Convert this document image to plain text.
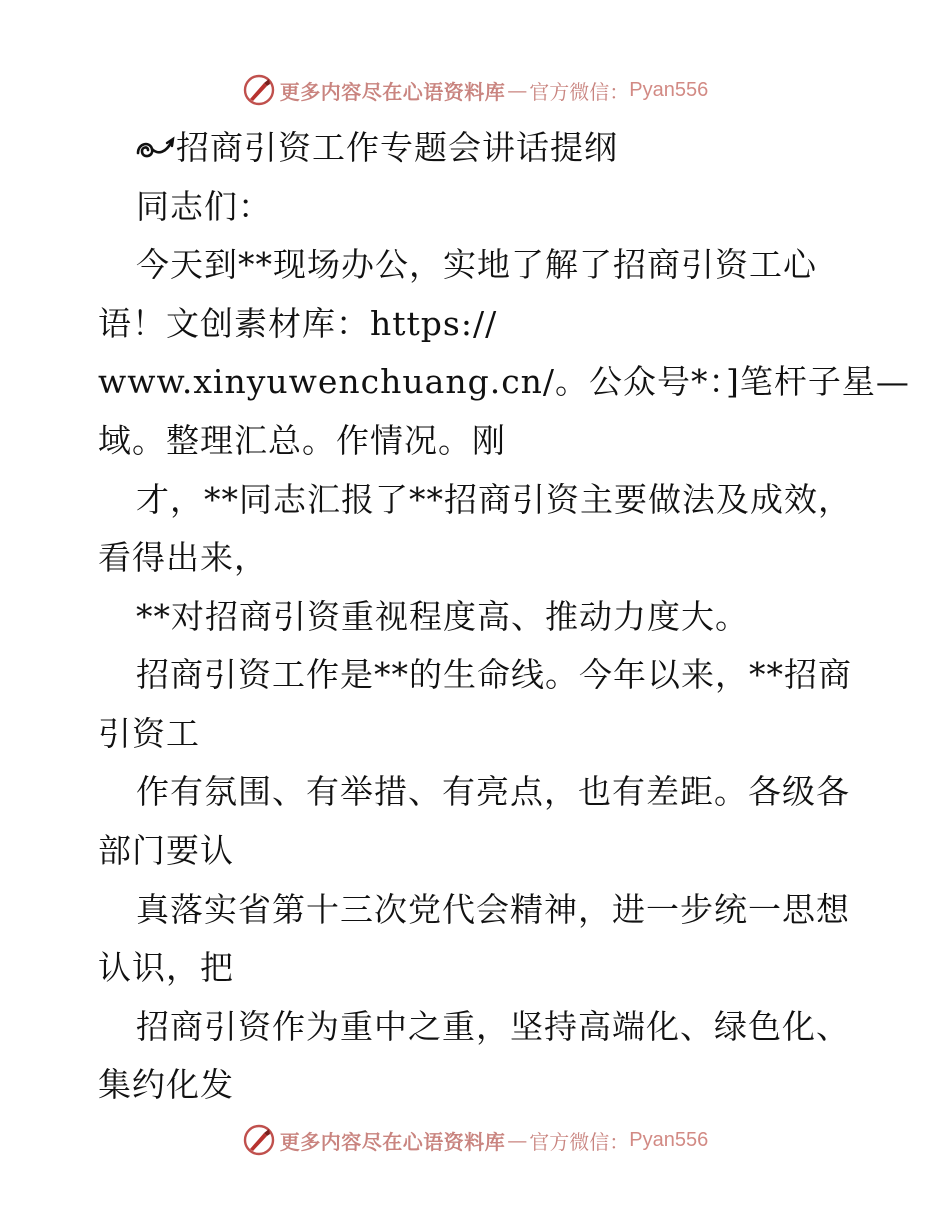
更多内容尽在心语资料库 — 官方微信： Pyan556
招商引资工作专题会讲话提纲
同志们：
今天到**现场办公，实地了解了招商引资工心
语！文创素材库：https://
www.xinyuwenchuang.cn/。公众号*：]笔杆子星—
域。整理汇总。作情况。刚
才，**同志汇报了**招商引资主要做法及成效，
看得出来，
**对招商引资重视程度高、推动力度大。
招商引资工作是**的生命线。今年以来，**招商
引资工
作有氛围、有举措、有亮点，也有差距。各级各
部门要认
真落实省第十三次党代会精神，进一步统一思想
认识，把
招商引资作为重中之重，坚持高端化、绿色化、
集约化发
更多内容尽在心语资料库 — 官方微信： Pyan556
